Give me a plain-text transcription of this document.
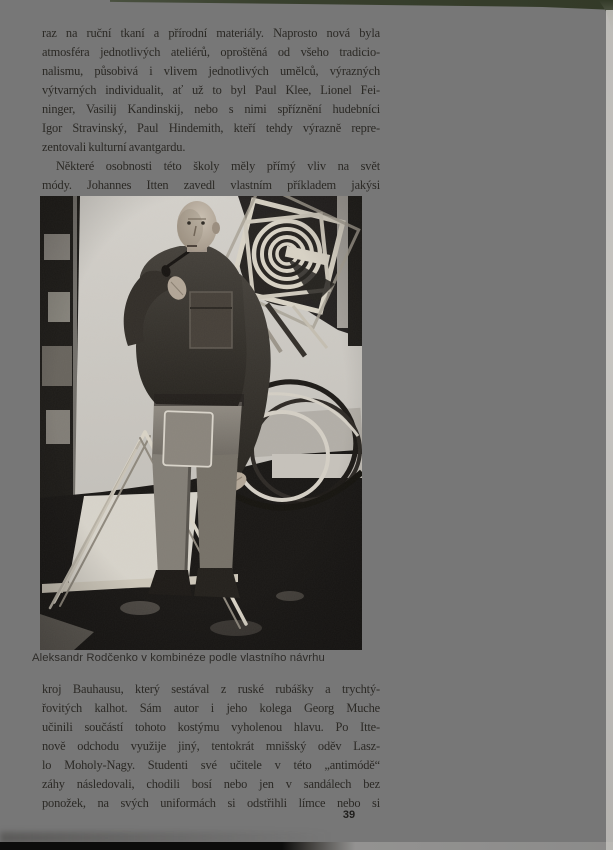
raz na ruční tkaní a přírodní materiály. Naprosto nová byla
atmosféra jednotlivých ateliérů, oproštěná od všeho tradicio-
nalismu, působivá i vlivem jednotlivých umělců, výrazných
výtvarných individualit, ať už to byl Paul Klee, Lionel Fei-
ninger, Vasilij Kandinskij, nebo s nimi spříznění hudebníci
Igor Stravinský, Paul Hindemith, kteří tehdy výrazně repre-
zentovali kulturní avantgardu.
Některé osobnosti této školy měly přímý vliv na svět
módy. Johannes Itten zavedl vlastním příkladem jakýsi
Aleksandr Rodčenko v kombinéze podle vlastního návrhu
kroj Bauhausu, který sestával z ruské rubášky a trychtý-
řovitých kalhot. Sám autor i jeho kolega Georg Muche
učinili součástí tohoto kostýmu vyholenou hlavu. Po Itte-
nově odchodu využije jiný, tentokrát mnišský oděv Lasz-
lo Moholy-Nagy. Studenti své učitele v této „antimódě“
záhy následovali, chodili bosí nebo jen v sandálech bez
ponožek, na svých uniformách si odstřihli límce nebo si
39
